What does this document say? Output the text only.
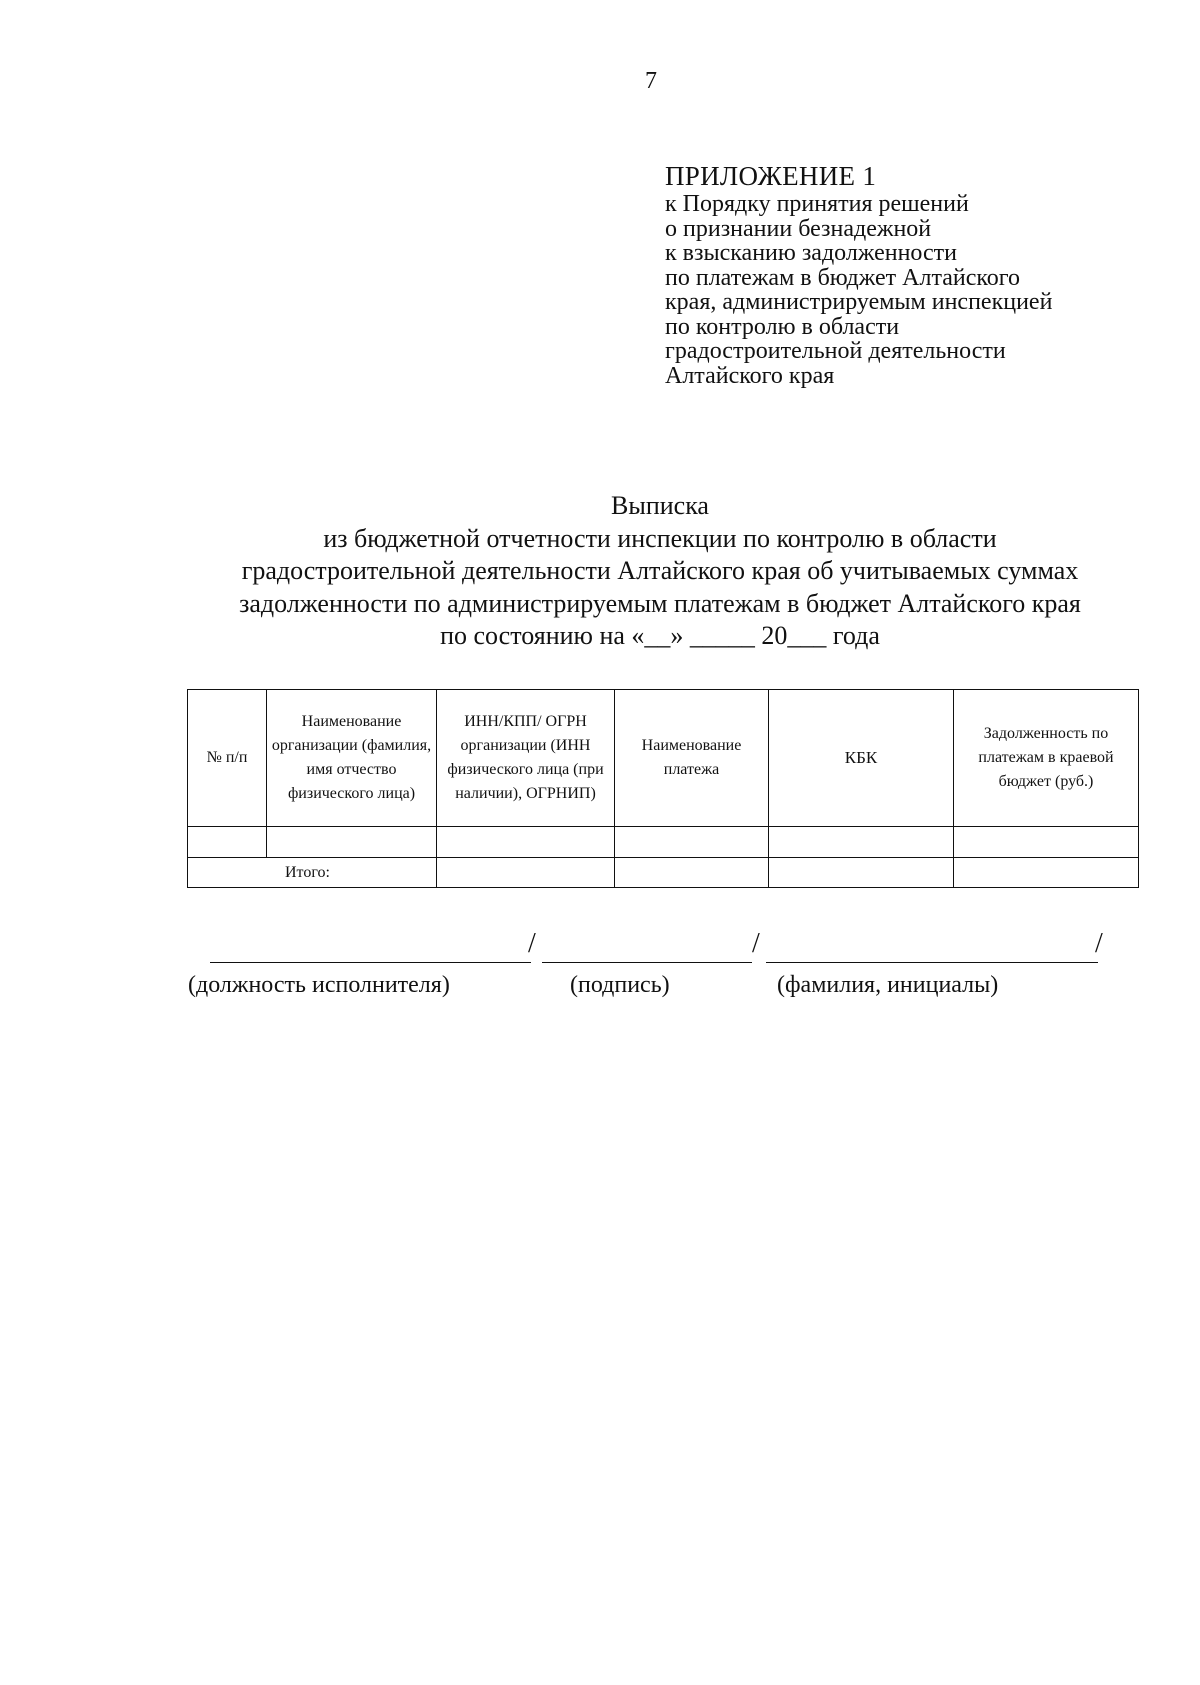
7
ПРИЛОЖЕНИЕ 1
к Порядку принятия решений
о признании безнадежной
к взысканию задолженности
по платежам в бюджет Алтайского
края, администрируемым инспекцией
по контролю в области
градостроительной деятельности
Алтайского края
Выписка
из бюджетной отчетности инспекции по контролю в области
градостроительной деятельности Алтайского края об учитываемых суммах
задолженности по администрируемым платежам в бюджет Алтайского края
по состоянию на «__» _____ 20___ года
№ п/п	Наименование организации (фамилия, имя отчество физического лица)	ИНН/КПП/ ОГРН организации (ИНН физического лица (при наличии), ОГРНИП)	Наименование платежа	КБК	Задолженность по платежам в краевой бюджет (руб.)

Итого:					
/	/	/
(должность исполнителя)	(подпись)	(фамилия, инициалы)
